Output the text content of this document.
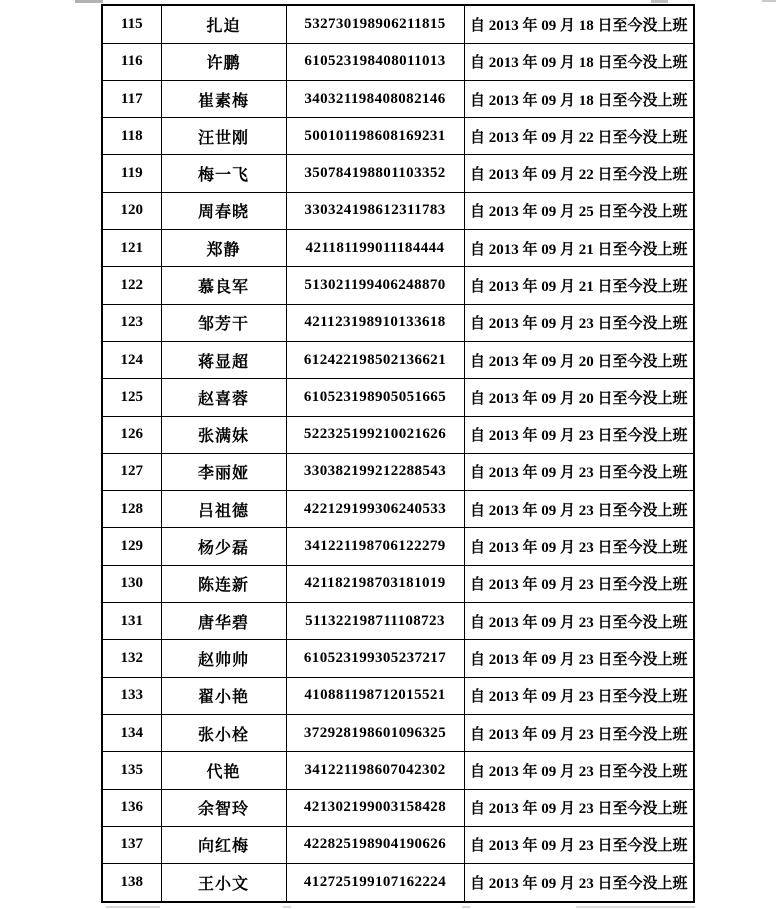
115	扎迫	532730198906211815	自 2013 年 09 月 18 日至今没上班
116	许鹏	610523198408011013	自 2013 年 09 月 18 日至今没上班
117	崔素梅	340321198408082146	自 2013 年 09 月 18 日至今没上班
118	汪世刚	500101198608169231	自 2013 年 09 月 22 日至今没上班
119	梅一飞	350784198801103352	自 2013 年 09 月 22 日至今没上班
120	周春晓	330324198612311783	自 2013 年 09 月 25 日至今没上班
121	郑静	421181199011184444	自 2013 年 09 月 21 日至今没上班
122	慕良军	513021199406248870	自 2013 年 09 月 21 日至今没上班
123	邹芳干	421123198910133618	自 2013 年 09 月 23 日至今没上班
124	蒋显超	612422198502136621	自 2013 年 09 月 20 日至今没上班
125	赵喜蓉	610523198905051665	自 2013 年 09 月 20 日至今没上班
126	张满妹	522325199210021626	自 2013 年 09 月 23 日至今没上班
127	李丽娅	330382199212288543	自 2013 年 09 月 23 日至今没上班
128	吕祖德	422129199306240533	自 2013 年 09 月 23 日至今没上班
129	杨少磊	341221198706122279	自 2013 年 09 月 23 日至今没上班
130	陈连新	421182198703181019	自 2013 年 09 月 23 日至今没上班
131	唐华碧	511322198711108723	自 2013 年 09 月 23 日至今没上班
132	赵帅帅	610523199305237217	自 2013 年 09 月 23 日至今没上班
133	翟小艳	410881198712015521	自 2013 年 09 月 23 日至今没上班
134	张小栓	372928198601096325	自 2013 年 09 月 23 日至今没上班
135	代艳	341221198607042302	自 2013 年 09 月 23 日至今没上班
136	余智玲	421302199003158428	自 2013 年 09 月 23 日至今没上班
137	向红梅	422825198904190626	自 2013 年 09 月 23 日至今没上班
138	王小文	412725199107162224	自 2013 年 09 月 23 日至今没上班
